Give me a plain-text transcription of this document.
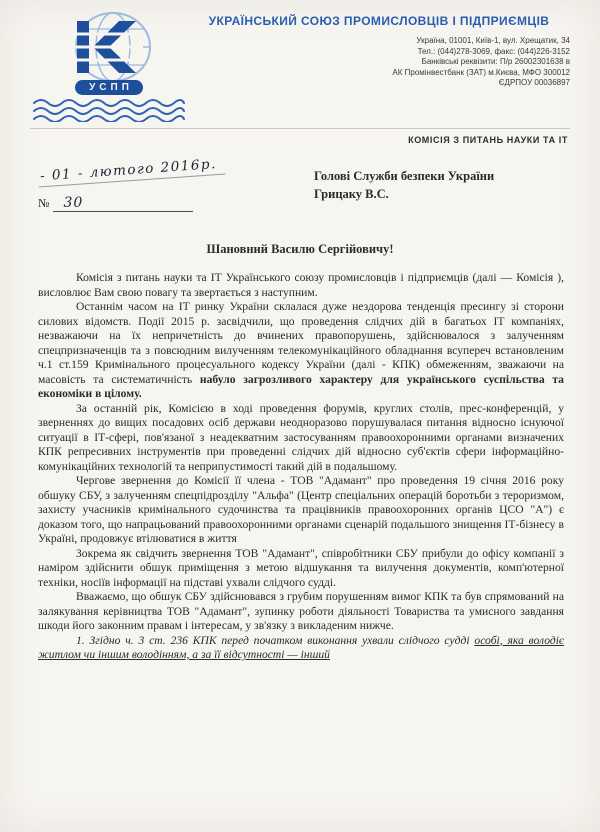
УСПП
УКРАЇНСЬКИЙ СОЮЗ ПРОМИСЛОВЦІВ І ПІДПРИЄМЦІВ
Україна, 01001, Київ-1, вул. Хрещатик, 34
Тел.: (044)278-3069, факс: (044)226-3152
Банківські реквізити: П/р 26002301638 в
АК Промінвестбанк (ЗАТ) м.Києва, МФО 300012
ЄДРПОУ 00036897
КОМІСІЯ З ПИТАНЬ НАУКИ ТА ІТ
- 01 - лютого 2016р.
№ 30
Голові Служби безпеки України
Грицаку В.С.
Шановний Василю Сергійовичу!

Комісія з питань науки та ІТ Українського союзу промисловців і підприємців (далі — Комісія ), висловлює Вам свою повагу та звертається з наступним.

Останнім часом на ІТ ринку України склалася дуже нездорова тенденція пресингу зі сторони силових відомств. Події 2015 р. засвідчили, що проведення слідчих дій в багатьох ІТ компаніях, незважаючи на їх непричетність до вчинених правопорушень, здійснювалося з залученням спецпризначенців та з повсюдним вилученням телекомунікаційного обладнання всупереч встановленим ч.1 ст.159 Кримінального процесуального кодексу України (далі - КПК) обмеженням, зважаючи на масовість та систематичність набуло загрозливого характеру для українського суспільства та економіки в цілому.

За останній рік, Комісією в ході проведення форумів, круглих столів, прес-конференцій, у зверненнях до вищих посадових осіб держави неодноразово порушувалася питання відносно існуючої ситуації в ІТ-сфері, пов'язаної з неадекватним застосуванням правоохоронними органами визначених КПК репресивних інструментів при проведенні слідчих дій відносно суб'єктів сфери інформаційно-комунікаційних технологій та неприпустимості такий дій в подальшому.

Чергове звернення до Комісії її члена - ТОВ "Адамант" про проведення 19 січня 2016 року обшуку СБУ, з залученням спецпідрозділу "Альфа" (Центр спеціальних операцій боротьби з тероризмом, захисту учасників кримінального судочинства та працівників правоохоронних органів ЦСО "А") є доказом того, що напрацьований правоохоронними органами сценарій подальшого знищення ІТ-бізнесу в Україні, продовжує втілюватися в життя

Зокрема як свідчить звернення ТОВ "Адамант", співробітники СБУ прибули до офісу компанії з наміром здійснити обшук приміщення з метою відшукання та вилучення документів, комп'ютерної техніки, носіїв інформації на підставі ухвали слідчого судді.

Вважаємо, що обшук СБУ здійснювався з грубим порушенням вимог КПК та був спрямований на залякування керівництва ТОВ "Адамант", зупинку роботи діяльності Товариства та умисного завдання шкоди його законним правам і інтересам, у зв'язку з викладеним нижче.

1. Згідно ч. 3 ст. 236 КПК перед початком виконання ухвали слідчого судді особі, яка володіє житлом чи іншим володінням, а за її відсутності — інший
